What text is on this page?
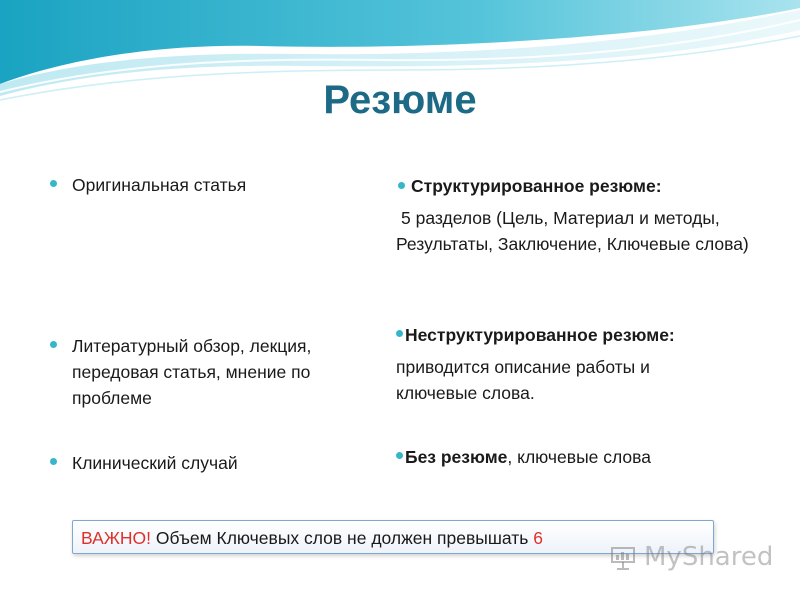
Резюме
Оригинальная статья
Литературный обзор, лекция, передовая статья, мнение по проблеме
Клинический случай
Структурированное резюме:
5 разделов (Цель, Материал и методы, Результаты, Заключение, Ключевые слова)
Неструктурированное резюме:
приводится описание работы и ключевые слова.
Без резюме, ключевые слова
ВАЖНО! Объем Ключевых слов не должен превышать 6
MyShared
